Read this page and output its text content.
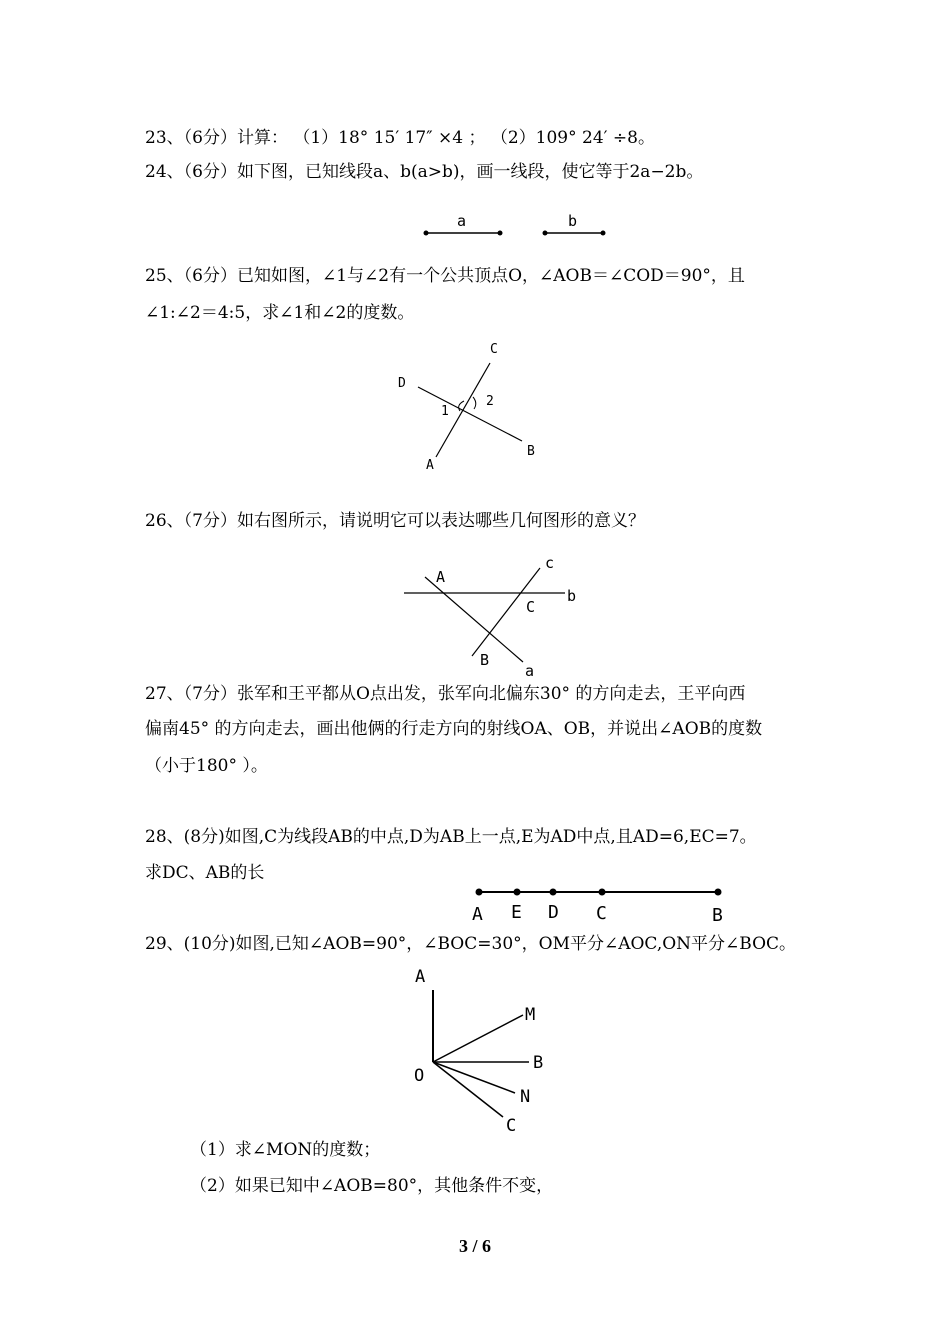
23、（6分）计算： （1）18° 15′ 17″ ×4 ； （2）109° 24′ ÷8。
24、（6分）如下图，已知线段a、b(a>b)，画一线段，使它等于2a−2b。
a	b
25、（6分）已知如图，∠1与∠2有一个公共顶点O，∠AOB＝∠COD＝90°，且
∠1:∠2＝4:5，求∠1和∠2的度数。
C
D
1
2
A
B
26、（7分）如右图所示，请说明它可以表达哪些几何图形的意义？
A
c
C
b
B
a
27、（7分）张军和王平都从O点出发，张军向北偏东30° 的方向走去，王平向西
偏南45° 的方向走去，画出他俩的行走方向的射线OA、OB，并说出∠AOB的度数
（小于180° ）。
28、(8分)如图,C为线段AB的中点,D为AB上一点,E为AD中点,且AD=6,EC=7。
求DC、AB的长
A E D C	B
29、(10分)如图,已知∠AOB=90°，∠BOC=30°，OM平分∠AOC,ON平分∠BOC。
A
M
B
O
N
C
（1）求∠MON的度数；
（2）如果已知中∠AOB=80°，其他条件不变，
3 / 6
